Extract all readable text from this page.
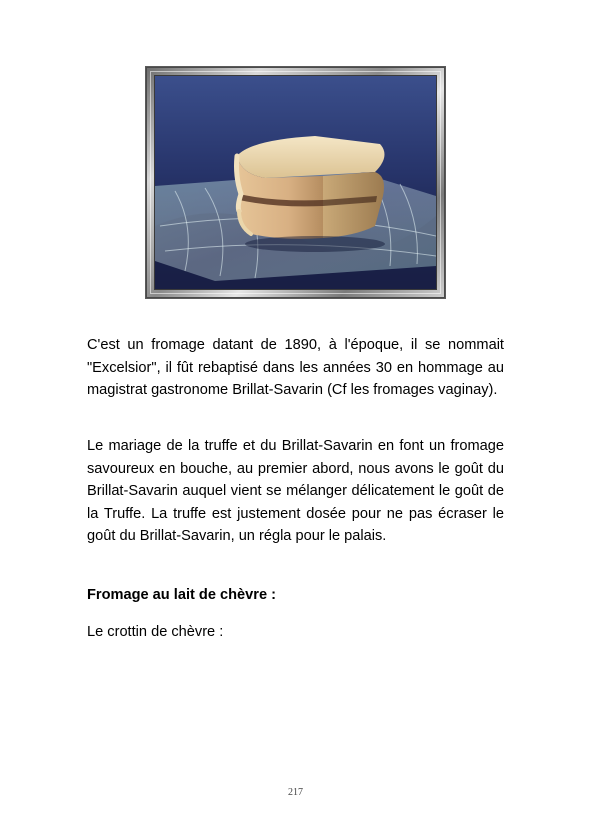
C'est un fromage datant de 1890, à l'époque, il se nommait "Excelsior", il fût rebaptisé dans les années 30 en hommage au magistrat gastronome Brillat-Savarin (Cf les fromages vaginay).

Le mariage de la truffe et du Brillat-Savarin en font un fromage savoureux en bouche, au premier abord, nous avons le goût du Brillat-Savarin auquel vient se mélanger délicatement le goût de la Truffe. La truffe est justement dosée pour ne pas écraser le goût du Brillat-Savarin, un régla pour le palais.

Fromage au lait de chèvre :

Le crottin de chèvre :

217
